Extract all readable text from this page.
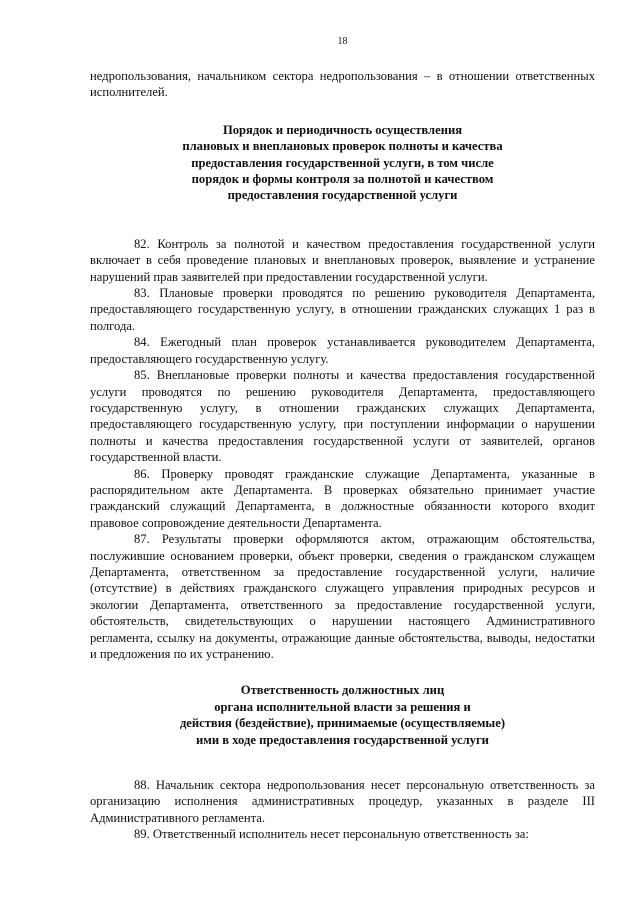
18

недропользования, начальником сектора недропользования – в отношении ответственных исполнителей.

Порядок и периодичность осуществления
плановых и внеплановых проверок полноты и качества
предоставления государственной услуги, в том числе
порядок и формы контроля за полнотой и качеством
предоставления государственной услуги

82. Контроль за полнотой и качеством предоставления государственной услуги включает в себя проведение плановых и внеплановых проверок, выявление и устранение нарушений прав заявителей при предоставлении государственной услуги.

83. Плановые проверки проводятся по решению руководителя Департамента, предоставляющего государственную услугу, в отношении гражданских служащих 1 раз в полгода.

84. Ежегодный план проверок устанавливается руководителем Департамента, предоставляющего государственную услугу.

85. Внеплановые проверки полноты и качества предоставления государственной услуги проводятся по решению руководителя Департамента, предоставляющего государственную услугу, в отношении гражданских служащих Департамента, предоставляющего государственную услугу, при поступлении информации о нарушении полноты и качества предоставления государственной услуги от заявителей, органов государственной власти.

86. Проверку проводят гражданские служащие Департамента, указанные в распорядительном акте Департамента. В проверках обязательно принимает участие гражданский служащий Департамента, в должностные обязанности которого входит правовое сопровождение деятельности Департамента.

87. Результаты проверки оформляются актом, отражающим обстоятельства, послужившие основанием проверки, объект проверки, сведения о гражданском служащем Департамента, ответственном за предоставление государственной услуги, наличие (отсутствие) в действиях гражданского служащего управления природных ресурсов и экологии Департамента, ответственного за предоставление государственной услуги, обстоятельств, свидетельствующих о нарушении настоящего Административного регламента, ссылку на документы, отражающие данные обстоятельства, выводы, недостатки и предложения по их устранению.

Ответственность должностных лиц
органа исполнительной власти за решения и
действия (бездействие), принимаемые (осуществляемые)
ими в ходе предоставления государственной услуги

88. Начальник сектора недропользования несет персональную ответственность за организацию исполнения административных процедур, указанных в разделе III Административного регламента.

89. Ответственный исполнитель несет персональную ответственность за:
